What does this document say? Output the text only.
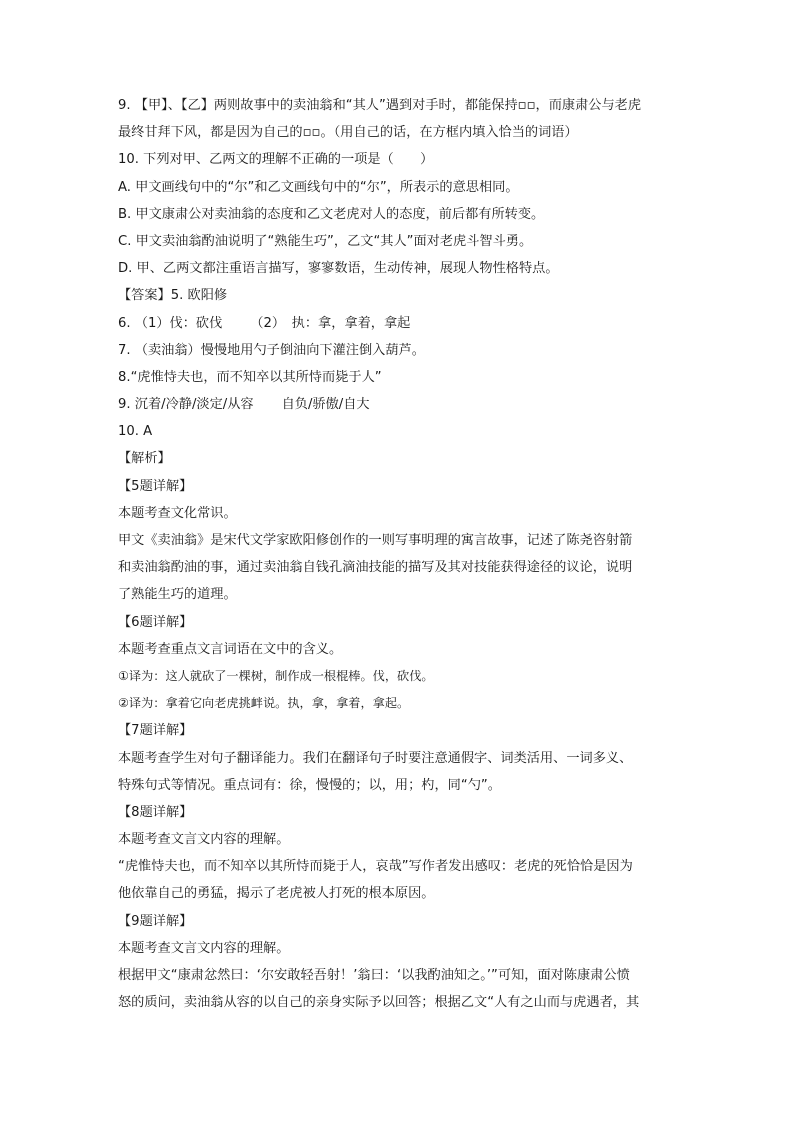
9. 【甲】、【乙】两则故事中的卖油翁和“其人”遇到对手时，都能保持▫▫，而康肃公与老虎
最终甘拜下风，都是因为自己的▫▫。（用自己的话，在方框内填入恰当的词语）
10. 下列对甲、乙两文的理解不正确的一项是（　　）
A. 甲文画线句中的“尔”和乙文画线句中的“尔”，所表示的意思相同。
B. 甲文康肃公对卖油翁的态度和乙文老虎对人的态度，前后都有所转变。
C. 甲文卖油翁酌油说明了“熟能生巧”，乙文“其人”面对老虎斗智斗勇。
D. 甲、乙两文都注重语言描写，寥寥数语，生动传神，展现人物性格特点。
【答案】5. 欧阳修
6. （1）伐：砍伐 （2）　执：拿，拿着，拿起
7. （卖油翁）慢慢地用勺子倒油向下灌注倒入葫芦。
8.“虎惟恃夫也，而不知卒以其所恃而毙于人”
9. 沉着/冷静/淡定/从容 自负/骄傲/自大
10. A
【解析】
【5题详解】
本题考查文化常识。
甲文《卖油翁》是宋代文学家欧阳修创作的一则写事明理的寓言故事，记述了陈尧咨射箭
和卖油翁酌油的事，通过卖油翁自钱孔滴油技能的描写及其对技能获得途径的议论，说明
了熟能生巧的道理。
【6题详解】
本题考查重点文言词语在文中的含义。
①译为：这人就砍了一棵树，制作成一根棍棒。伐，砍伐。
②译为：拿着它向老虎挑衅说。执，拿，拿着，拿起。
【7题详解】
本题考查学生对句子翻译能力。我们在翻译句子时要注意通假字、词类活用、一词多义、
特殊句式等情况。重点词有：徐，慢慢的；以，用；杓，同“勺”。
【8题详解】
本题考查文言文内容的理解。
“虎惟恃夫也，而不知卒以其所恃而毙于人，哀哉”写作者发出感叹：老虎的死恰恰是因为
他依靠自己的勇猛，揭示了老虎被人打死的根本原因。
【9题详解】
本题考查文言文内容的理解。
根据甲文“康肃忿然曰：‘尔安敢轻吾射！’翁曰：‘以我酌油知之。’”可知，面对陈康肃公愤
怒的质问，卖油翁从容的以自己的亲身实际予以回答；根据乙文“人有之山而与虎遇者，其
